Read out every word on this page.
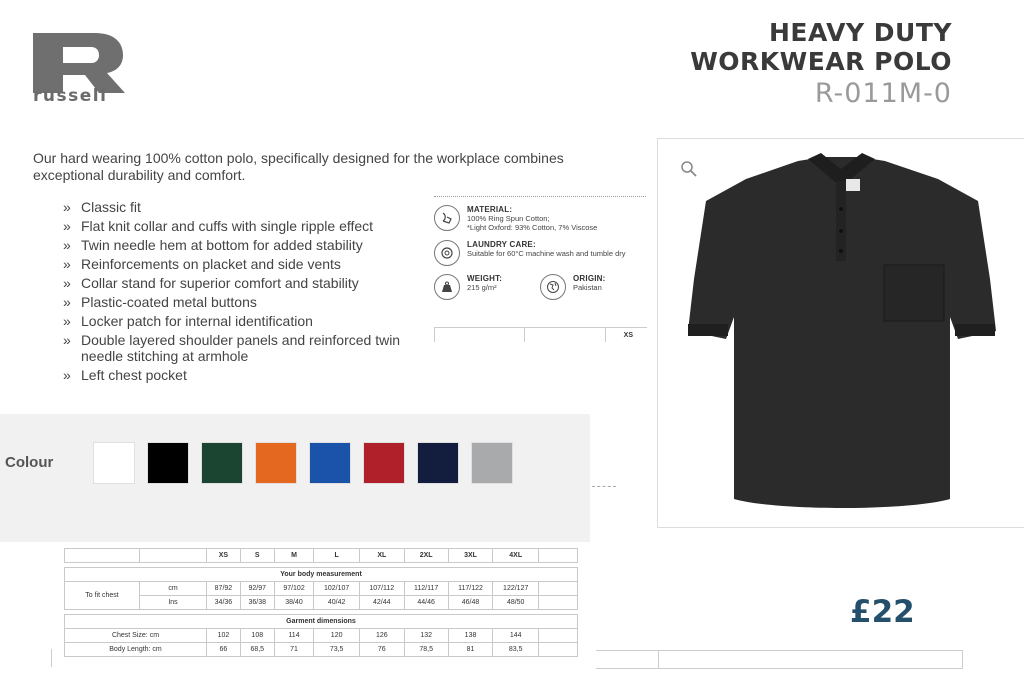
russell
HEAVY DUTY
WORKWEAR POLO
R-011M-0
Our hard wearing 100% cotton polo, specifically designed for the workplace combines exceptional durability and comfort.
» Classic fit
» Flat knit collar and cuffs with single ripple effect
» Twin needle hem at bottom for added stability
» Reinforcements on placket and side vents
» Collar stand for superior comfort and stability
» Plastic-coated metal buttons
» Locker patch for internal identification
» Double layered shoulder panels and reinforced twin needle stitching at armhole
» Left chest pocket
MATERIAL:
100% Ring Spun Cotton;
*Light Oxford: 93% Cotton, 7% Viscose
LAUNDRY CARE:
Suitable for 60°C machine wash and tumble dry
WEIGHT:
215 g/m²
ORIGIN:
Pakistan
XS
Colour
		XS	S	M	L	XL	2XL	3XL	4XL	

Your body measurement										
To fit chest	cm	87/92	92/97	97/102	102/107	107/112	112/117	117/122	122/127	
	Ins	34/36	36/38	38/40	40/42	42/44	44/46	46/48	48/50	

Garment dimensions										
Chest Size: cm		102	108	114	120	126	132	138	144	
Body Length: cm		66	68,5	71	73,5	76	78,5	81	83,5	
£22
